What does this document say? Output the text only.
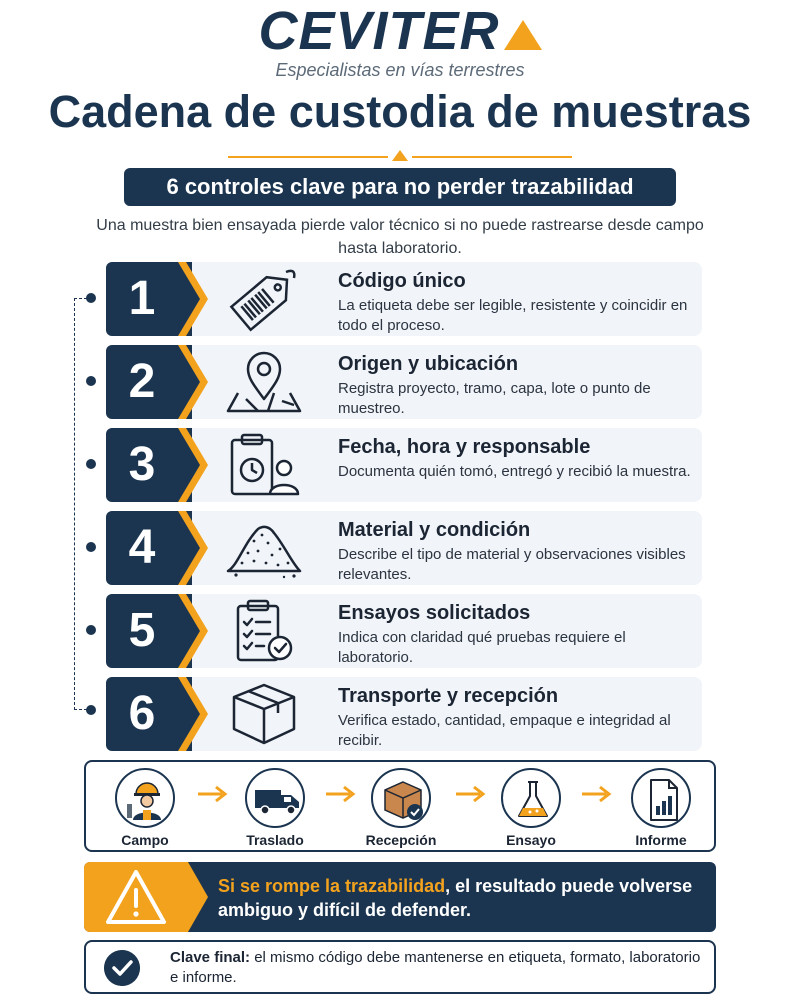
CEVITER
Especialistas en vías terrestres
Cadena de custodia de muestras
6 controles clave para no perder trazabilidad
Una muestra bien ensayada pierde valor técnico si no puede rastrearse desde campo hasta laboratorio.
1	Código único
La etiqueta debe ser legible, resistente y coincidir en todo el proceso.
2	Origen y ubicación
Registra proyecto, tramo, capa, lote o punto de muestreo.
3	Fecha, hora y responsable
Documenta quién tomó, entregó y recibió la muestra.
4	Material y condición
Describe el tipo de material y observaciones visibles relevantes.
5	Ensayos solicitados
Indica con claridad qué pruebas requiere el laboratorio.
6	Transporte y recepción
Verifica estado, cantidad, empaque e integridad al recibir.
Campo	Traslado	Recepción	Ensayo	Informe
Si se rompe la trazabilidad, el resultado puede volverse ambiguo y difícil de defender.
Clave final: el mismo código debe mantenerse en etiqueta, formato, laboratorio e informe.
